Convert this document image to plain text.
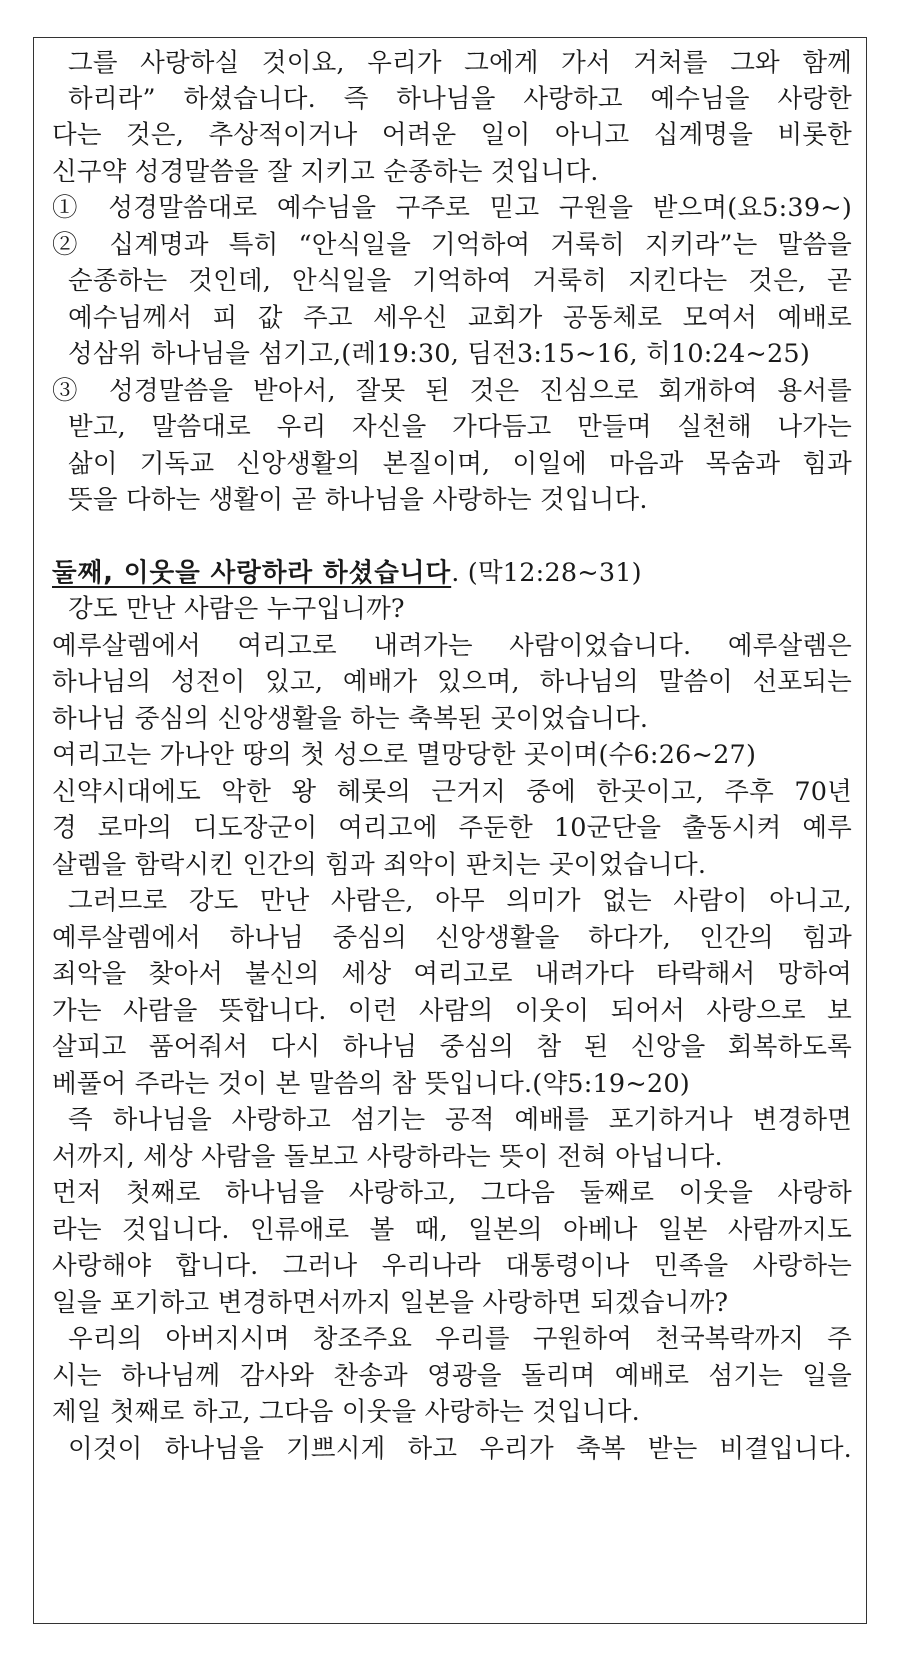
그를 사랑하실 것이요, 우리가 그에게 가서 거처를 그와 함께
하리라” 하셨습니다. 즉 하나님을 사랑하고 예수님을 사랑한
다는 것은, 추상적이거나 어려운 일이 아니고 십계명을 비롯한
신구약 성경말씀을 잘 지키고 순종하는 것입니다.
① 성경말씀대로 예수님을 구주로 믿고 구원을 받으며(요5:39~)
② 십계명과 특히 “안식일을 기억하여 거룩히 지키라”는 말씀을
순종하는 것인데, 안식일을 기억하여 거룩히 지킨다는 것은, 곧
예수님께서 피 값 주고 세우신 교회가 공동체로 모여서 예배로
성삼위 하나님을 섬기고,(레19:30, 딤전3:15~16, 히10:24~25)
③ 성경말씀을 받아서, 잘못 된 것은 진심으로 회개하여 용서를
받고, 말씀대로 우리 자신을 가다듬고 만들며 실천해 나가는
삶이 기독교 신앙생활의 본질이며, 이일에 마음과 목숨과 힘과
뜻을 다하는 생활이 곧 하나님을 사랑하는 것입니다.
둘째, 이웃을 사랑하라 하셨습니다. (막12:28~31)
강도 만난 사람은 누구입니까?
예루살렘에서 여리고로 내려가는 사람이었습니다. 예루살렘은
하나님의 성전이 있고, 예배가 있으며, 하나님의 말씀이 선포되는
하나님 중심의 신앙생활을 하는 축복된 곳이었습니다.
여리고는 가나안 땅의 첫 성으로 멸망당한 곳이며(수6:26~27)
신약시대에도 악한 왕 헤롯의 근거지 중에 한곳이고, 주후 70년
경 로마의 디도장군이 여리고에 주둔한 10군단을 출동시켜 예루
살렘을 함락시킨 인간의 힘과 죄악이 판치는 곳이었습니다.
그러므로 강도 만난 사람은, 아무 의미가 없는 사람이 아니고,
예루살렘에서 하나님 중심의 신앙생활을 하다가, 인간의 힘과
죄악을 찾아서 불신의 세상 여리고로 내려가다 타락해서 망하여
가는 사람을 뜻합니다. 이런 사람의 이웃이 되어서 사랑으로 보
살피고 품어줘서 다시 하나님 중심의 참 된 신앙을 회복하도록
베풀어 주라는 것이 본 말씀의 참 뜻입니다.(약5:19~20)
즉 하나님을 사랑하고 섬기는 공적 예배를 포기하거나 변경하면
서까지, 세상 사람을 돌보고 사랑하라는 뜻이 전혀 아닙니다.
먼저 첫째로 하나님을 사랑하고, 그다음 둘째로 이웃을 사랑하
라는 것입니다. 인류애로 볼 때, 일본의 아베나 일본 사람까지도
사랑해야 합니다. 그러나 우리나라 대통령이나 민족을 사랑하는
일을 포기하고 변경하면서까지 일본을 사랑하면 되겠습니까?
우리의 아버지시며 창조주요 우리를 구원하여 천국복락까지 주
시는 하나님께 감사와 찬송과 영광을 돌리며 예배로 섬기는 일을
제일 첫째로 하고, 그다음 이웃을 사랑하는 것입니다.
이것이 하나님을 기쁘시게 하고 우리가 축복 받는 비결입니다.
